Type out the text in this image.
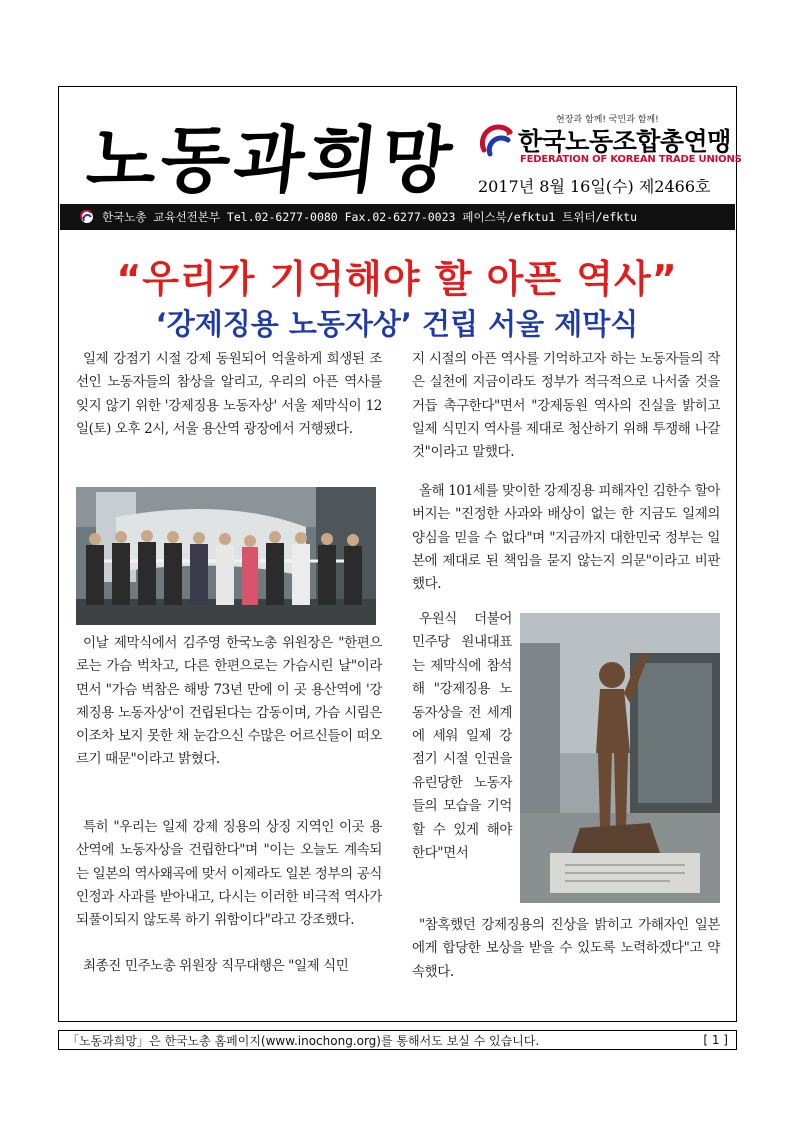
노동과희망	현장과 함께! 국민과 함께!
한국노동조합총연맹
FEDERATION OF KOREAN TRADE UNIONS
2017년 8월 16일(수) 제2466호
한국노총 교육선전본부 Tel.02-6277-0080 Fax.02-6277-0023 페이스북/efktu1 트위터/efktu
“우리가 기억해야 할 아픈 역사”
‘강제징용 노동자상’ 건립 서울 제막식

일제 강점기 시절 강제 동원되어 억울하게 희생된 조선인 노동자들의 참상을 알리고, 우리의 아픈 역사를 잊지 않기 위한 '강제징용 노동자상' 서울 제막식이 12일(토) 오후 2시, 서울 용산역 광장에서 거행됐다.

이날 제막식에서 김주영 한국노총 위원장은 "한편으로는 가슴 벅차고, 다른 한편으로는 가슴시린 날"이라면서 "가슴 벅참은 해방 73년 만에 이 곳 용산역에 '강제징용 노동자상'이 건립된다는 감동이며, 가슴 시림은 이조차 보지 못한 채 눈감으신 수많은 어르신들이 떠오르기 때문"이라고 밝혔다.

특히 "우리는 일제 강제 징용의 상징 지역인 이곳 용산역에 노동자상을 건립한다"며 "이는 오늘도 계속되는 일본의 역사왜곡에 맞서 이제라도 일본 정부의 공식 인정과 사과를 받아내고, 다시는 이러한 비극적 역사가 되풀이되지 않도록 하기 위함이다"라고 강조했다.

최종진 민주노총 위원장 직무대행은 "일제 식민

지 시절의 아픈 역사를 기억하고자 하는 노동자들의 작은 실천에 지금이라도 정부가 적극적으로 나서줄 것을 거듭 촉구한다"면서 "강제동원 역사의 진실을 밝히고 일제 식민지 역사를 제대로 청산하기 위해 투쟁해 나갈 것"이라고 말했다.

올해 101세를 맞이한 강제징용 피해자인 김한수 할아버지는 "진정한 사과와 배상이 없는 한 지금도 일제의 양심을 믿을 수 없다"며 "지금까지 대한민국 정부는 일본에 제대로 된 책임을 묻지 않는지 의문"이라고 비판했다.

우원식 더불어 민주당 원내대표는 제막식에 참석해 "강제징용 노동자상을 전 세계에 세워 일제 강점기 시절 인권을 유린당한 노동자들의 모습을 기억할 수 있게 해야 한다"면서

"참혹했던 강제징용의 진상을 밝히고 가해자인 일본에게 합당한 보상을 받을 수 있도록 노력하겠다"고 약속했다.

「노동과희망」은 한국노총 홈페이지(www.inochong.org)를 통해서도 보실 수 있습니다.	[ 1 ]
